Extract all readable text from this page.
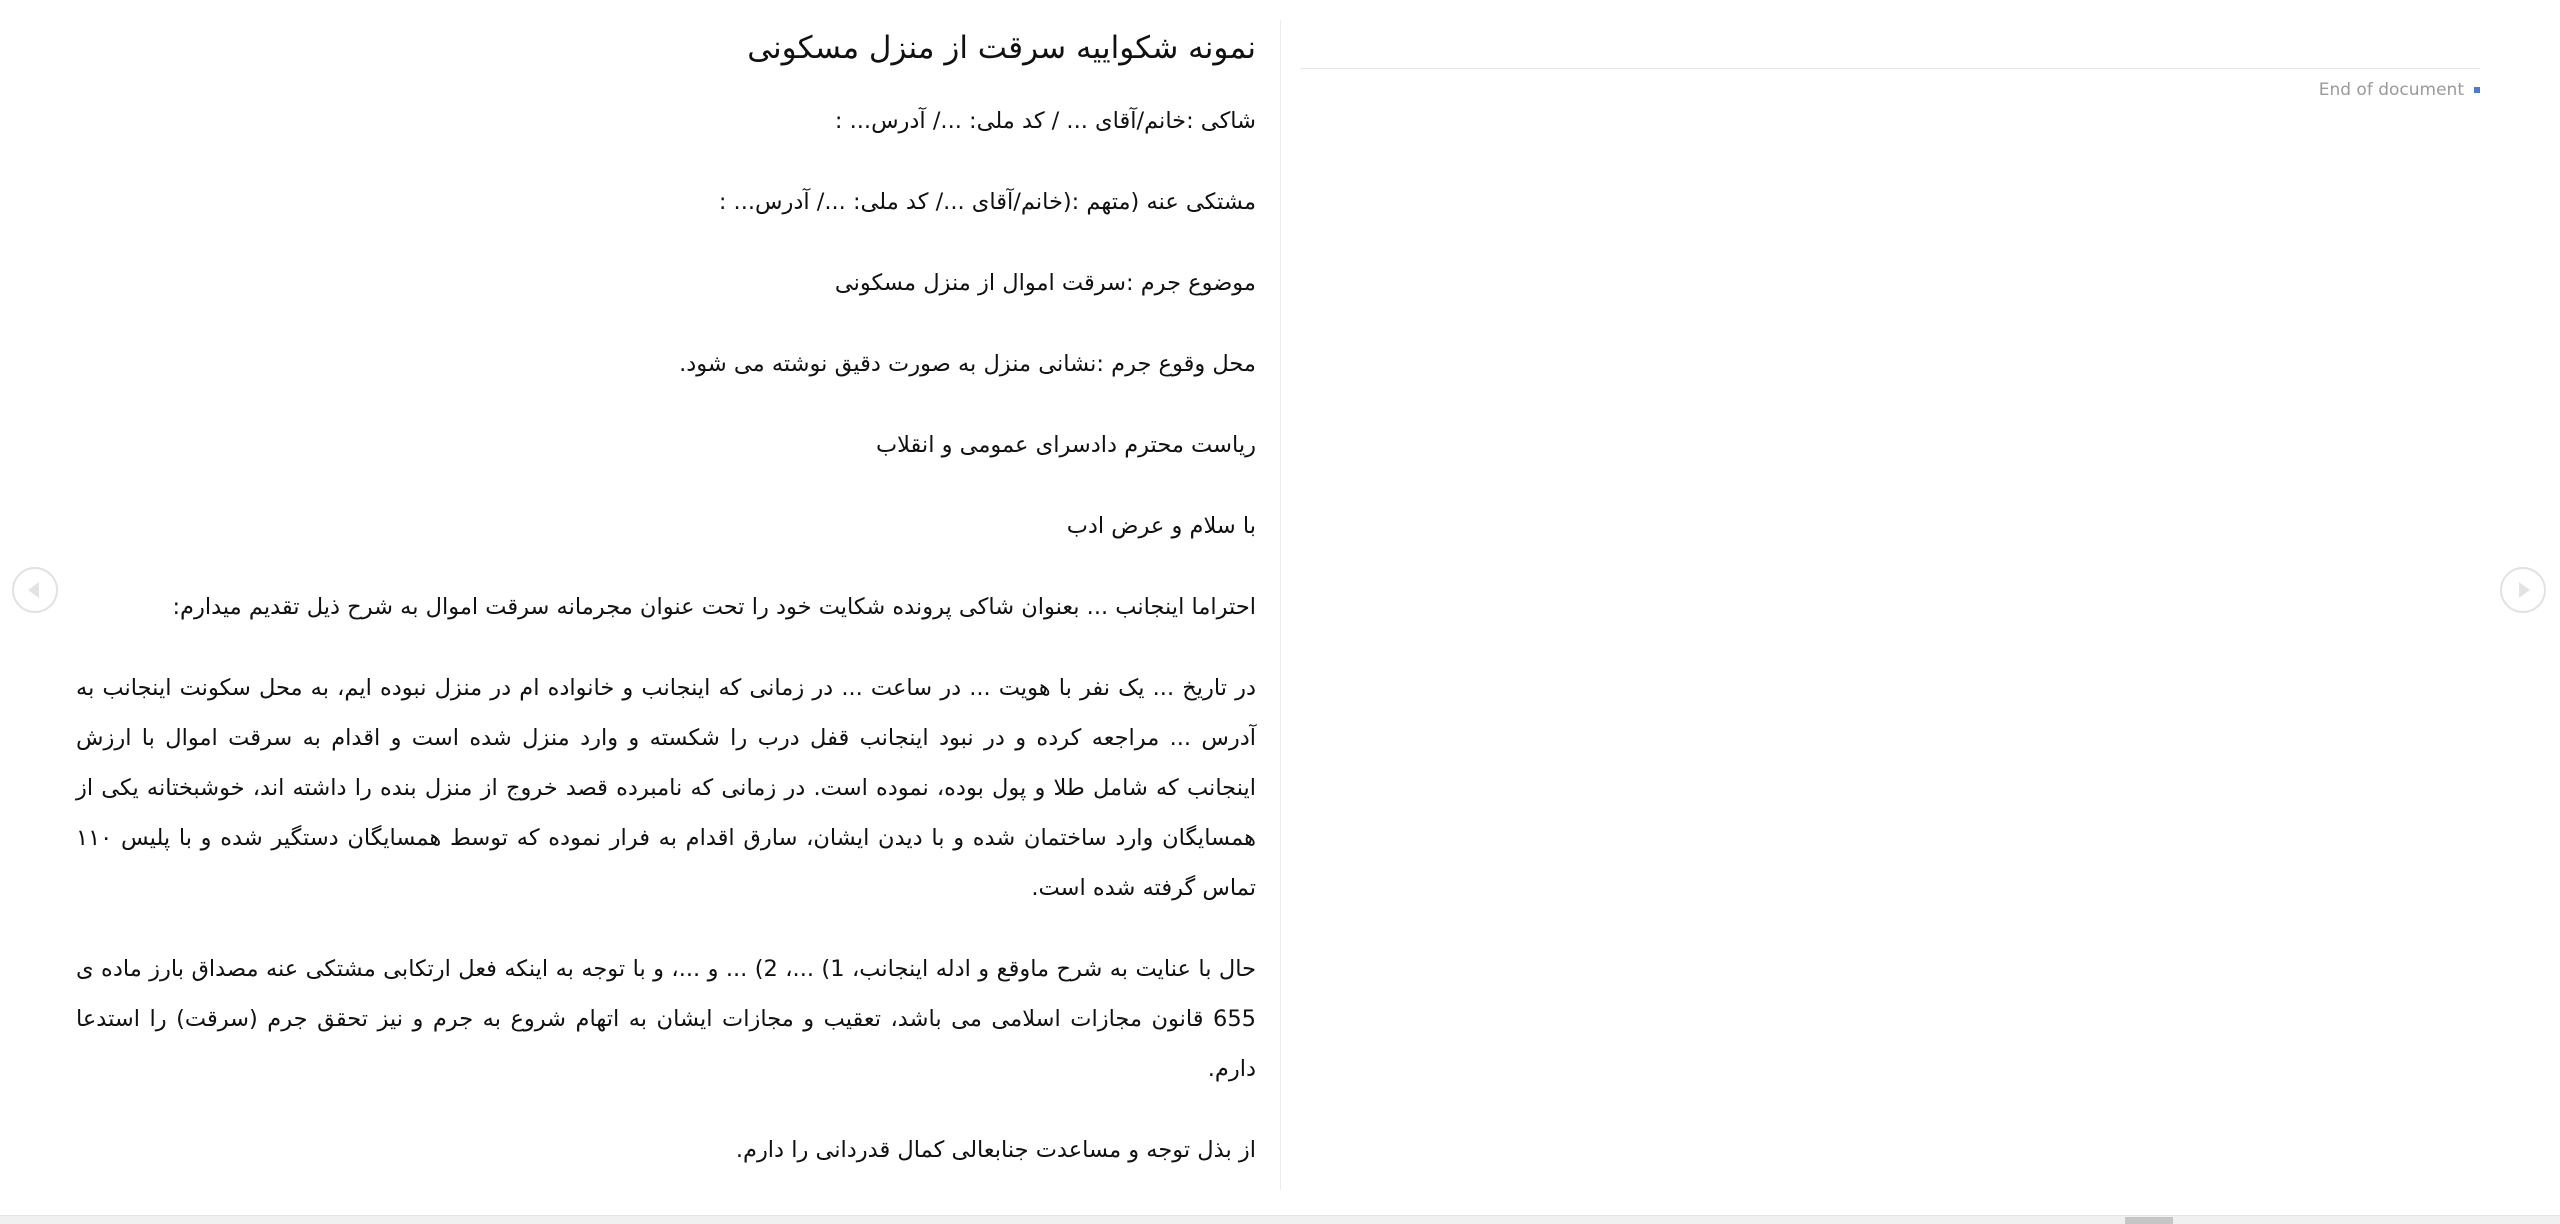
نمونه شکواییه سرقت از منزل مسکونی

شاکی :خانم/آقای ... / کد ملی: .../ آدرس... :

مشتکی عنه (متهم :(خانم/آقای .../ کد ملی: .../ آدرس... :

موضوع جرم :سرقت اموال از منزل مسکونی

محل وقوع جرم :نشانی منزل به صورت دقیق نوشته می شود.

ریاست محترم دادسرای عمومی و انقلاب

با سلام و عرض ادب

احتراما اینجانب ... بعنوان شاکی پرونده شکایت خود را تحت عنوان مجرمانه سرقت اموال به شرح ذیل تقدیم میدارم:

در تاریخ ... یک نفر با هویت ... در ساعت ... در زمانی که اینجانب و خانواده ام در منزل نبوده ایم، به محل سکونت اینجانب به آدرس ... مراجعه کرده و در نبود اینجانب قفل درب را شکسته و وارد منزل شده است و اقدام به سرقت اموال با ارزش اینجانب که شامل طلا و پول بوده، نموده است. در زمانی که نامبرده قصد خروج از منزل بنده را داشته اند، خوشبختانه یکی از همسایگان وارد ساختمان شده و با دیدن ایشان، سارق اقدام به فرار نموده که توسط همسایگان دستگیر شده و با پلیس ۱۱۰ تماس گرفته شده است.

حال با عنایت به شرح ماوقع و ادله اینجانب، 1) ...، 2) ... و ...، و با توجه به اینکه فعل ارتکابی مشتکی عنه مصداق بارز ماده ی 655 قانون مجازات اسلامی می باشد، تعقیب و مجازات ایشان به اتهام شروع به جرم و نیز تحقق جرم (سرقت) را استدعا دارم.

از بذل توجه و مساعدت جنابعالی کمال قدردانی را دارم.

End of document
